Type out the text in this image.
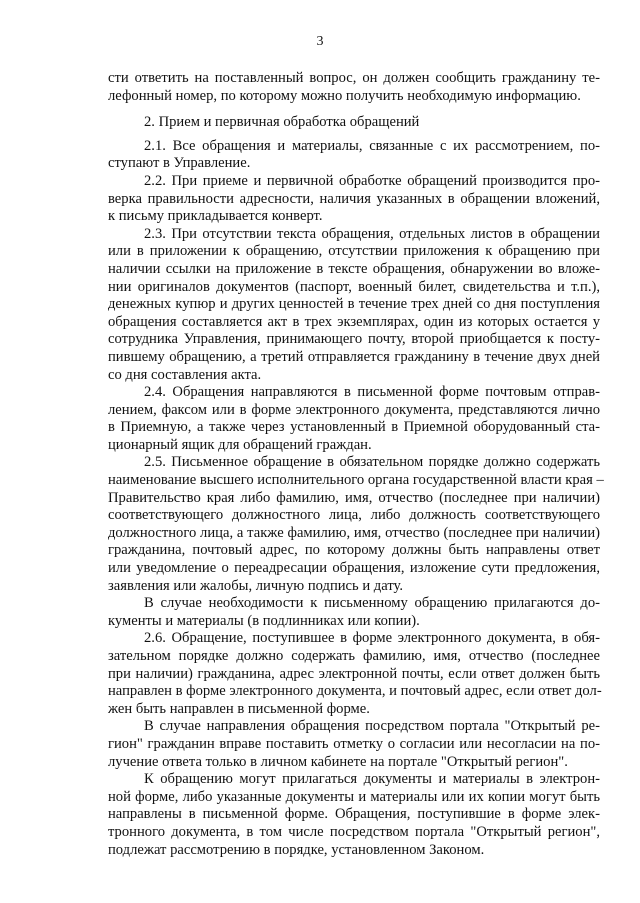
3
сти ответить на поставленный вопрос, он должен сообщить гражданину те-
лефонный номер, по которому можно получить необходимую информацию.
2. Прием и первичная обработка обращений
2.1. Все обращения и материалы, связанные с их рассмотрением, по-
ступают в Управление.
2.2. При приеме и первичной обработке обращений производится про-
верка правильности адресности, наличия указанных в обращении вложений,
к письму прикладывается конверт.
2.3. При отсутствии текста обращения, отдельных листов в обращении
или в приложении к обращению, отсутствии приложения к обращению при
наличии ссылки на приложение в тексте обращения, обнаружении во вложе-
нии оригиналов документов (паспорт, военный билет, свидетельства и т.п.),
денежных купюр и других ценностей в течение трех дней со дня поступления
обращения составляется акт в трех экземплярах, один из которых остается у
сотрудника Управления, принимающего почту, второй приобщается к посту-
пившему обращению, а третий отправляется гражданину в течение двух дней
со дня составления акта.
2.4. Обращения направляются в письменной форме почтовым отправ-
лением, факсом или в форме электронного документа, представляются лично
в Приемную, а также через установленный в Приемной оборудованный ста-
ционарный ящик для обращений граждан.
2.5. Письменное обращение в обязательном порядке должно содержать
наименование высшего исполнительного органа государственной власти края –
Правительство края либо фамилию, имя, отчество (последнее при наличии)
соответствующего должностного лица, либо должность соответствующего
должностного лица, а также фамилию, имя, отчество (последнее при наличии)
гражданина, почтовый адрес, по которому должны быть направлены ответ
или уведомление о переадресации обращения, изложение сути предложения,
заявления или жалобы, личную подпись и дату.
В случае необходимости к письменному обращению прилагаются до-
кументы и материалы (в подлинниках или копии).
2.6. Обращение, поступившее в форме электронного документа, в обя-
зательном порядке должно содержать фамилию, имя, отчество (последнее
при наличии) гражданина, адрес электронной почты, если ответ должен быть
направлен в форме электронного документа, и почтовый адрес, если ответ дол-
жен быть направлен в письменной форме.
В случае направления обращения посредством портала "Открытый ре-
гион" гражданин вправе поставить отметку о согласии или несогласии на по-
лучение ответа только в личном кабинете на портале "Открытый регион".
К обращению могут прилагаться документы и материалы в электрон-
ной форме, либо указанные документы и материалы или их копии могут быть
направлены в письменной форме. Обращения, поступившие в форме элек-
тронного документа, в том числе посредством портала "Открытый регион",
подлежат рассмотрению в порядке, установленном Законом.
